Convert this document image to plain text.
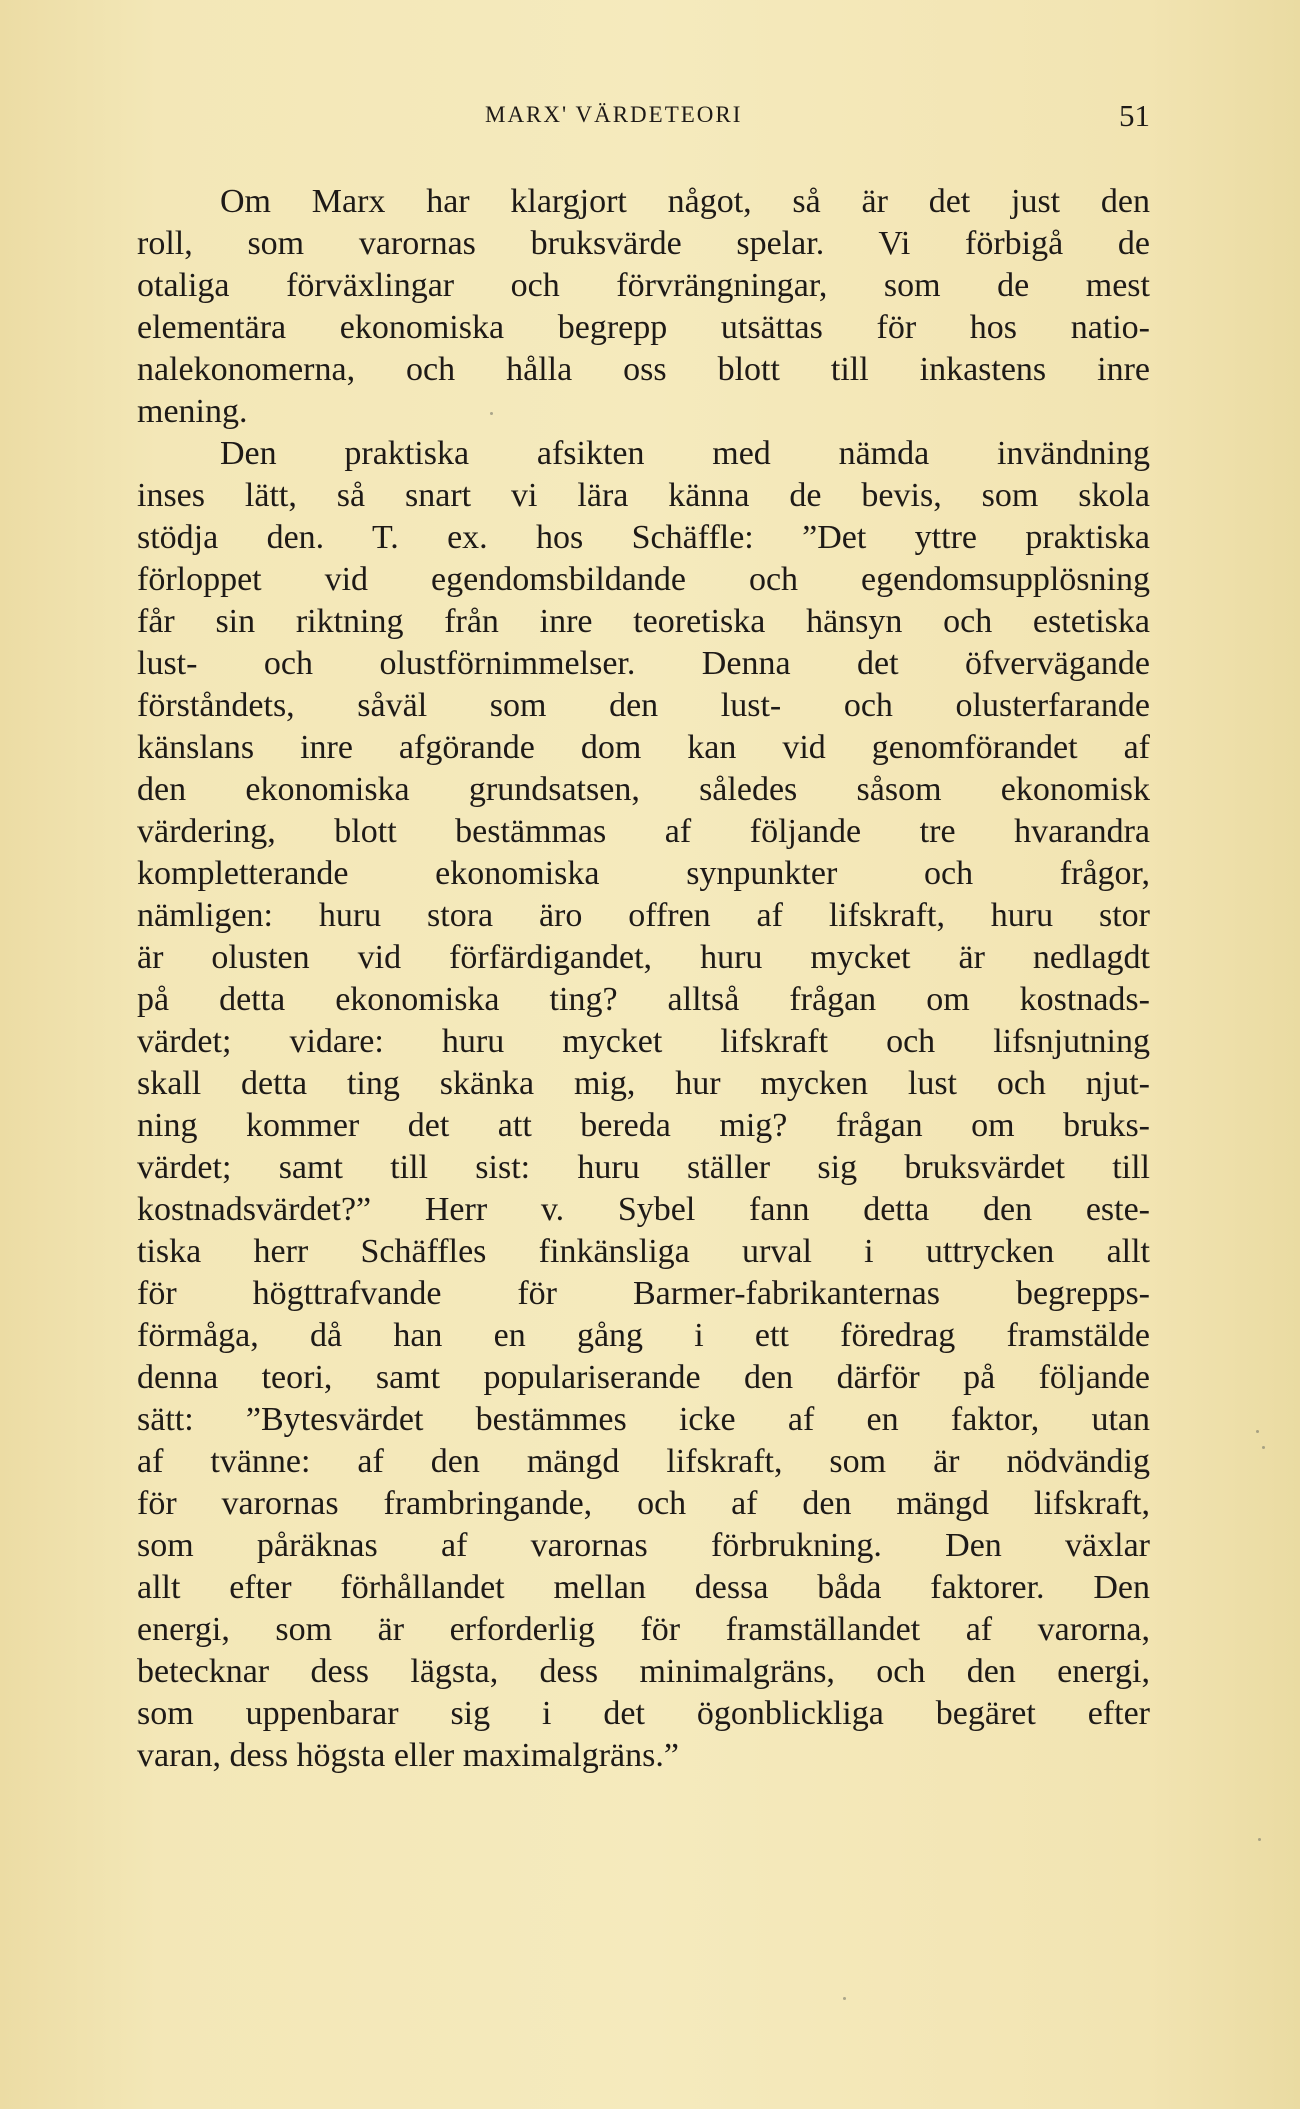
MARX' VÄRDETEORI	51
Om Marx har klargjort något, så är det just den
roll, som varornas bruksvärde spelar. Vi förbigå de
otaliga förväxlingar och förvrängningar, som de mest
elementära ekonomiska begrepp utsättas för hos natio-
nalekonomerna, och hålla oss blott till inkastens inre
mening.
Den praktiska afsikten med nämda invändning
inses lätt, så snart vi lära känna de bevis, som skola
stödja den. T. ex. hos Schäffle: ”Det yttre praktiska
förloppet vid egendomsbildande och egendomsupplösning
får sin riktning från inre teoretiska hänsyn och estetiska
lust- och olustförnimmelser. Denna det öfvervägande
förståndets, såväl som den lust- och olusterfarande
känslans inre afgörande dom kan vid genomförandet af
den ekonomiska grundsatsen, således såsom ekonomisk
värdering, blott bestämmas af följande tre hvarandra
kompletterande ekonomiska synpunkter och frågor,
nämligen: huru stora äro offren af lifskraft, huru stor
är olusten vid förfärdigandet, huru mycket är nedlagdt
på detta ekonomiska ting? alltså frågan om kostnads-
värdet; vidare: huru mycket lifskraft och lifsnjutning
skall detta ting skänka mig, hur mycken lust och njut-
ning kommer det att bereda mig? frågan om bruks-
värdet; samt till sist: huru ställer sig bruksvärdet till
kostnadsvärdet?” Herr v. Sybel fann detta den este-
tiska herr Schäffles finkänsliga urval i uttrycken allt
för högttrafvande för Barmer-fabrikanternas begrepps-
förmåga, då han en gång i ett föredrag framstälde
denna teori, samt populariserande den därför på följande
sätt: ”Bytesvärdet bestämmes icke af en faktor, utan
af tvänne: af den mängd lifskraft, som är nödvändig
för varornas frambringande, och af den mängd lifskraft,
som påräknas af varornas förbrukning. Den växlar
allt efter förhållandet mellan dessa båda faktorer. Den
energi, som är erforderlig för framställandet af varorna,
betecknar dess lägsta, dess minimalgräns, och den energi,
som uppenbarar sig i det ögonblickliga begäret efter
varan, dess högsta eller maximalgräns.”
